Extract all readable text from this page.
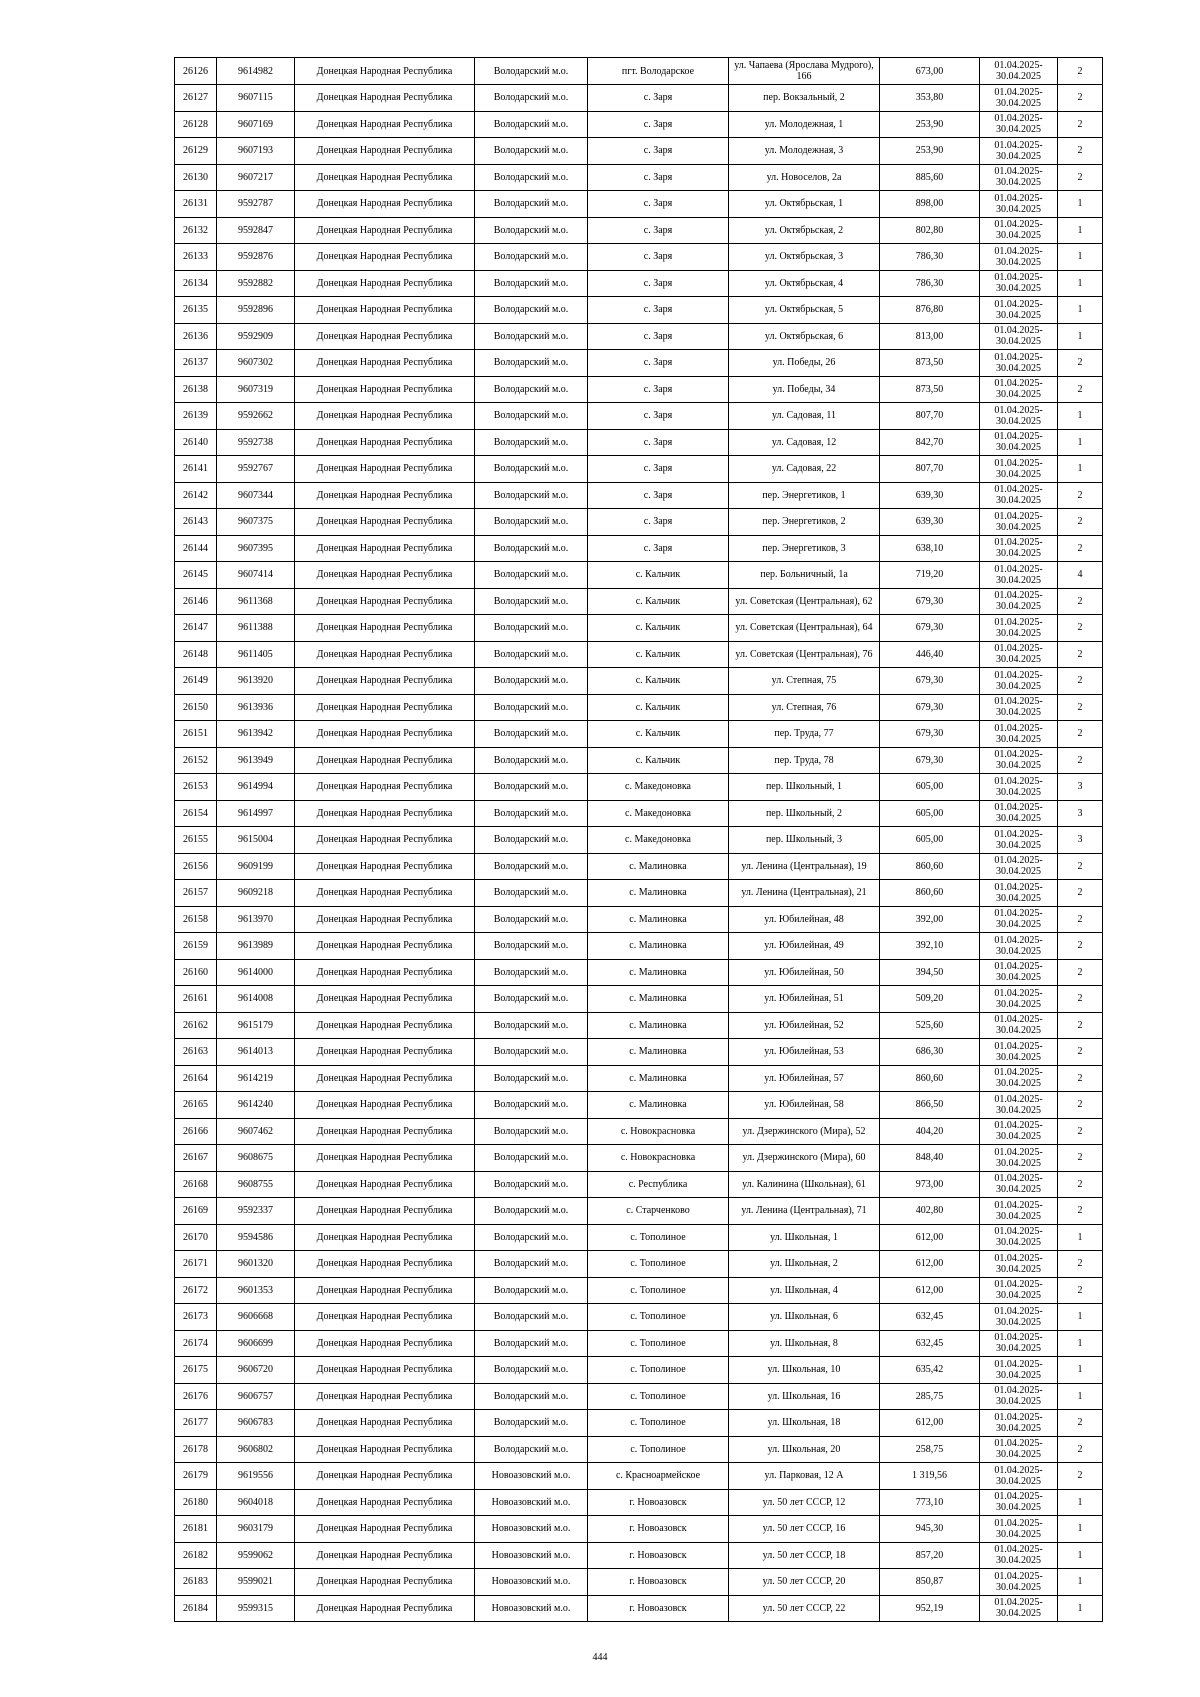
26126	9614982	Донецкая Народная Республика	Володарский м.о.	пгт. Володарское	ул. Чапаева (Ярослава Мудрого), 166	673,00	01.04.2025- 30.04.2025	2
26127	9607115	Донецкая Народная Республика	Володарский м.о.	с. Заря	пер. Вокзальный, 2	353,80	01.04.2025- 30.04.2025	2
26128	9607169	Донецкая Народная Республика	Володарский м.о.	с. Заря	ул. Молодежная, 1	253,90	01.04.2025- 30.04.2025	2
26129	9607193	Донецкая Народная Республика	Володарский м.о.	с. Заря	ул. Молодежная, 3	253,90	01.04.2025- 30.04.2025	2
26130	9607217	Донецкая Народная Республика	Володарский м.о.	с. Заря	ул. Новоселов, 2а	885,60	01.04.2025- 30.04.2025	2
26131	9592787	Донецкая Народная Республика	Володарский м.о.	с. Заря	ул. Октябрьская, 1	898,00	01.04.2025- 30.04.2025	1
26132	9592847	Донецкая Народная Республика	Володарский м.о.	с. Заря	ул. Октябрьская, 2	802,80	01.04.2025- 30.04.2025	1
26133	9592876	Донецкая Народная Республика	Володарский м.о.	с. Заря	ул. Октябрьская, 3	786,30	01.04.2025- 30.04.2025	1
26134	9592882	Донецкая Народная Республика	Володарский м.о.	с. Заря	ул. Октябрьская, 4	786,30	01.04.2025- 30.04.2025	1
26135	9592896	Донецкая Народная Республика	Володарский м.о.	с. Заря	ул. Октябрьская, 5	876,80	01.04.2025- 30.04.2025	1
26136	9592909	Донецкая Народная Республика	Володарский м.о.	с. Заря	ул. Октябрьская, 6	813,00	01.04.2025- 30.04.2025	1
26137	9607302	Донецкая Народная Республика	Володарский м.о.	с. Заря	ул. Победы, 26	873,50	01.04.2025- 30.04.2025	2
26138	9607319	Донецкая Народная Республика	Володарский м.о.	с. Заря	ул. Победы, 34	873,50	01.04.2025- 30.04.2025	2
26139	9592662	Донецкая Народная Республика	Володарский м.о.	с. Заря	ул. Садовая, 11	807,70	01.04.2025- 30.04.2025	1
26140	9592738	Донецкая Народная Республика	Володарский м.о.	с. Заря	ул. Садовая, 12	842,70	01.04.2025- 30.04.2025	1
26141	9592767	Донецкая Народная Республика	Володарский м.о.	с. Заря	ул. Садовая, 22	807,70	01.04.2025- 30.04.2025	1
26142	9607344	Донецкая Народная Республика	Володарский м.о.	с. Заря	пер. Энергетиков, 1	639,30	01.04.2025- 30.04.2025	2
26143	9607375	Донецкая Народная Республика	Володарский м.о.	с. Заря	пер. Энергетиков, 2	639,30	01.04.2025- 30.04.2025	2
26144	9607395	Донецкая Народная Республика	Володарский м.о.	с. Заря	пер. Энергетиков, 3	638,10	01.04.2025- 30.04.2025	2
26145	9607414	Донецкая Народная Республика	Володарский м.о.	с. Кальчик	пер. Больничный, 1а	719,20	01.04.2025- 30.04.2025	4
26146	9611368	Донецкая Народная Республика	Володарский м.о.	с. Кальчик	ул. Советская (Центральная), 62	679,30	01.04.2025- 30.04.2025	2
26147	9611388	Донецкая Народная Республика	Володарский м.о.	с. Кальчик	ул. Советская (Центральная), 64	679,30	01.04.2025- 30.04.2025	2
26148	9611405	Донецкая Народная Республика	Володарский м.о.	с. Кальчик	ул. Советская (Центральная), 76	446,40	01.04.2025- 30.04.2025	2
26149	9613920	Донецкая Народная Республика	Володарский м.о.	с. Кальчик	ул. Степная, 75	679,30	01.04.2025- 30.04.2025	2
26150	9613936	Донецкая Народная Республика	Володарский м.о.	с. Кальчик	ул. Степная, 76	679,30	01.04.2025- 30.04.2025	2
26151	9613942	Донецкая Народная Республика	Володарский м.о.	с. Кальчик	пер. Труда, 77	679,30	01.04.2025- 30.04.2025	2
26152	9613949	Донецкая Народная Республика	Володарский м.о.	с. Кальчик	пер. Труда, 78	679,30	01.04.2025- 30.04.2025	2
26153	9614994	Донецкая Народная Республика	Володарский м.о.	с. Македоновка	пер. Школьный, 1	605,00	01.04.2025- 30.04.2025	3
26154	9614997	Донецкая Народная Республика	Володарский м.о.	с. Македоновка	пер. Школьный, 2	605,00	01.04.2025- 30.04.2025	3
26155	9615004	Донецкая Народная Республика	Володарский м.о.	с. Македоновка	пер. Школьный, 3	605,00	01.04.2025- 30.04.2025	3
26156	9609199	Донецкая Народная Республика	Володарский м.о.	с. Малиновка	ул. Ленина (Центральная), 19	860,60	01.04.2025- 30.04.2025	2
26157	9609218	Донецкая Народная Республика	Володарский м.о.	с. Малиновка	ул. Ленина (Центральная), 21	860,60	01.04.2025- 30.04.2025	2
26158	9613970	Донецкая Народная Республика	Володарский м.о.	с. Малиновка	ул. Юбилейная, 48	392,00	01.04.2025- 30.04.2025	2
26159	9613989	Донецкая Народная Республика	Володарский м.о.	с. Малиновка	ул. Юбилейная, 49	392,10	01.04.2025- 30.04.2025	2
26160	9614000	Донецкая Народная Республика	Володарский м.о.	с. Малиновка	ул. Юбилейная, 50	394,50	01.04.2025- 30.04.2025	2
26161	9614008	Донецкая Народная Республика	Володарский м.о.	с. Малиновка	ул. Юбилейная, 51	509,20	01.04.2025- 30.04.2025	2
26162	9615179	Донецкая Народная Республика	Володарский м.о.	с. Малиновка	ул. Юбилейная, 52	525,60	01.04.2025- 30.04.2025	2
26163	9614013	Донецкая Народная Республика	Володарский м.о.	с. Малиновка	ул. Юбилейная, 53	686,30	01.04.2025- 30.04.2025	2
26164	9614219	Донецкая Народная Республика	Володарский м.о.	с. Малиновка	ул. Юбилейная, 57	860,60	01.04.2025- 30.04.2025	2
26165	9614240	Донецкая Народная Республика	Володарский м.о.	с. Малиновка	ул. Юбилейная, 58	866,50	01.04.2025- 30.04.2025	2
26166	9607462	Донецкая Народная Республика	Володарский м.о.	с. Новокрасновка	ул. Дзержинского (Мира), 52	404,20	01.04.2025- 30.04.2025	2
26167	9608675	Донецкая Народная Республика	Володарский м.о.	с. Новокрасновка	ул. Дзержинского (Мира), 60	848,40	01.04.2025- 30.04.2025	2
26168	9608755	Донецкая Народная Республика	Володарский м.о.	с. Республика	ул. Калинина (Школьная), 61	973,00	01.04.2025- 30.04.2025	2
26169	9592337	Донецкая Народная Республика	Володарский м.о.	с. Старченково	ул. Ленина (Центральная), 71	402,80	01.04.2025- 30.04.2025	2
26170	9594586	Донецкая Народная Республика	Володарский м.о.	с. Тополиное	ул. Школьная, 1	612,00	01.04.2025- 30.04.2025	1
26171	9601320	Донецкая Народная Республика	Володарский м.о.	с. Тополиное	ул. Школьная, 2	612,00	01.04.2025- 30.04.2025	2
26172	9601353	Донецкая Народная Республика	Володарский м.о.	с. Тополиное	ул. Школьная, 4	612,00	01.04.2025- 30.04.2025	2
26173	9606668	Донецкая Народная Республика	Володарский м.о.	с. Тополиное	ул. Школьная, 6	632,45	01.04.2025- 30.04.2025	1
26174	9606699	Донецкая Народная Республика	Володарский м.о.	с. Тополиное	ул. Школьная, 8	632,45	01.04.2025- 30.04.2025	1
26175	9606720	Донецкая Народная Республика	Володарский м.о.	с. Тополиное	ул. Школьная, 10	635,42	01.04.2025- 30.04.2025	1
26176	9606757	Донецкая Народная Республика	Володарский м.о.	с. Тополиное	ул. Школьная, 16	285,75	01.04.2025- 30.04.2025	1
26177	9606783	Донецкая Народная Республика	Володарский м.о.	с. Тополиное	ул. Школьная, 18	612,00	01.04.2025- 30.04.2025	2
26178	9606802	Донецкая Народная Республика	Володарский м.о.	с. Тополиное	ул. Школьная, 20	258,75	01.04.2025- 30.04.2025	2
26179	9619556	Донецкая Народная Республика	Новоазовский м.о.	с. Красноармейское	ул. Парковая, 12 А	1 319,56	01.04.2025- 30.04.2025	2
26180	9604018	Донецкая Народная Республика	Новоазовский м.о.	г. Новоазовск	ул. 50 лет СССР, 12	773,10	01.04.2025- 30.04.2025	1
26181	9603179	Донецкая Народная Республика	Новоазовский м.о.	г. Новоазовск	ул. 50 лет СССР, 16	945,30	01.04.2025- 30.04.2025	1
26182	9599062	Донецкая Народная Республика	Новоазовский м.о.	г. Новоазовск	ул. 50 лет СССР, 18	857,20	01.04.2025- 30.04.2025	1
26183	9599021	Донецкая Народная Республика	Новоазовский м.о.	г. Новоазовск	ул. 50 лет СССР, 20	850,87	01.04.2025- 30.04.2025	1
26184	9599315	Донецкая Народная Республика	Новоазовский м.о.	г. Новоазовск	ул. 50 лет СССР, 22	952,19	01.04.2025- 30.04.2025	1
444
